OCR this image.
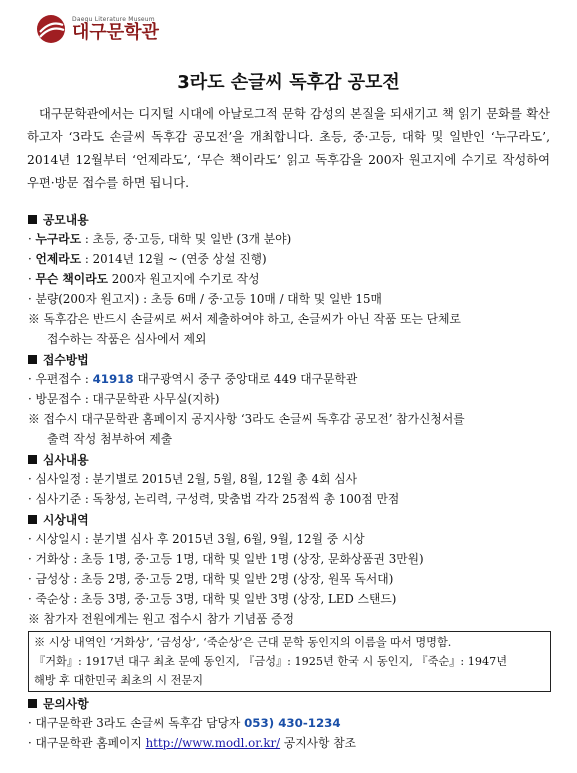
Daegu Literature Museum
대구문학관
3라도 손글씨 독후감 공모전
대구문학관에서는 디지털 시대에 아날로그적 문학 감성의 본질을 되새기고 책 읽기 문화를 확산하고자 ‘3라도 손글씨 독후감 공모전’을 개최합니다. 초등, 중·고등, 대학 및 일반인 ‘누구라도’, 2014년 12월부터 ‘언제라도’, ‘무슨 책이라도’ 읽고 독후감을 200자 원고지에 수기로 작성하여 우편·방문 접수를 하면 됩니다.
공모내용
· 누구라도 : 초등, 중·고등, 대학 및 일반 (3개 분야)
· 언제라도 : 2014년 12월 ~ (연중 상설 진행)
· 무슨 책이라도 200자 원고지에 수기로 작성
· 분량(200자 원고지) : 초등 6매 / 중·고등 10매 / 대학 및 일반 15매
※ 독후감은 반드시 손글씨로 써서 제출하여야 하고, 손글씨가 아닌 작품 또는 단체로
접수하는 작품은 심사에서 제외
접수방법
· 우편접수 : 41918 대구광역시 중구 중앙대로 449 대구문학관
· 방문접수 : 대구문학관 사무실(지하)
※ 접수시 대구문학관 홈페이지 공지사항 ‘3라도 손글씨 독후감 공모전’ 참가신청서를
출력 작성 첨부하여 제출
심사내용
· 심사일정 : 분기별로 2015년 2월, 5월, 8월, 12월 총 4회 심사
· 심사기준 : 독창성, 논리력, 구성력, 맞춤법 각각 25점씩 총 100점 만점
시상내역
· 시상일시 : 분기별 심사 후 2015년 3월, 6월, 9월, 12월 중 시상
· 거화상 : 초등 1명, 중·고등 1명, 대학 및 일반 1명 (상장, 문화상품권 3만원)
· 금성상 : 초등 2명, 중·고등 2명, 대학 및 일반 2명 (상장, 원목 독서대)
· 죽순상 : 초등 3명, 중·고등 3명, 대학 및 일반 3명 (상장, LED 스탠드)
※ 참가자 전원에게는 원고 접수시 참가 기념품 증정
※ 시상 내역인 ‘거화상’, ‘금성상’, ‘죽순상’은 근대 문학 동인지의 이름을 따서 명명함.
『거화』: 1917년 대구 최초 문예 동인지, 『금성』: 1925년 한국 시 동인지, 『죽순』: 1947년
해방 후 대한민국 최초의 시 전문지
문의사항
· 대구문학관 3라도 손글씨 독후감 담당자 053) 430-1234
· 대구문학관 홈페이지 http://www.modl.or.kr/ 공지사항 참조
